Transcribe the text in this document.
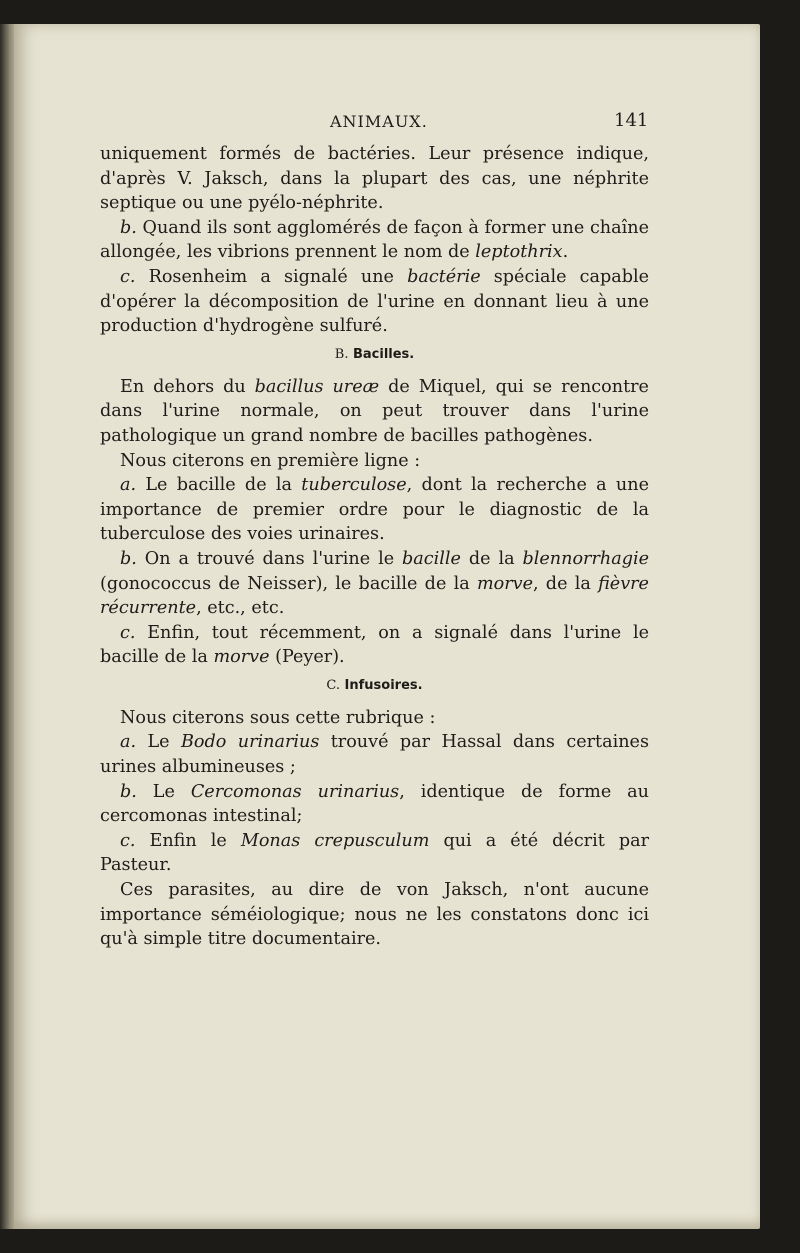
ANIMAUX.	141

uniquement formés de bactéries. Leur présence indique, d'après V. Jaksch, dans la plupart des cas, une néphrite septique ou une pyélo-néphrite.

b. Quand ils sont agglomérés de façon à former une chaîne allongée, les vibrions prennent le nom de leptothrix.

c. Rosenheim a signalé une bactérie spéciale capable d'opérer la décomposition de l'urine en donnant lieu à une production d'hydrogène sulfuré.

B. Bacilles.

En dehors du bacillus ureæ de Miquel, qui se rencontre dans l'urine normale, on peut trouver dans l'urine pathologique un grand nombre de bacilles pathogènes.

Nous citerons en première ligne :

a. Le bacille de la tuberculose, dont la recherche a une importance de premier ordre pour le diagnostic de la tuberculose des voies urinaires.

b. On a trouvé dans l'urine le bacille de la blennorrhagie (gonococcus de Neisser), le bacille de la morve, de la fièvre récurrente, etc., etc.

c. Enfin, tout récemment, on a signalé dans l'urine le bacille de la morve (Peyer).

C. Infusoires.

Nous citerons sous cette rubrique :

a. Le Bodo urinarius trouvé par Hassal dans certaines urines albumineuses ;

b. Le Cercomonas urinarius, identique de forme au cercomonas intestinal;

c. Enfin le Monas crepusculum qui a été décrit par Pasteur.

Ces parasites, au dire de von Jaksch, n'ont aucune importance séméiologique; nous ne les constatons donc ici qu'à simple titre documentaire.
